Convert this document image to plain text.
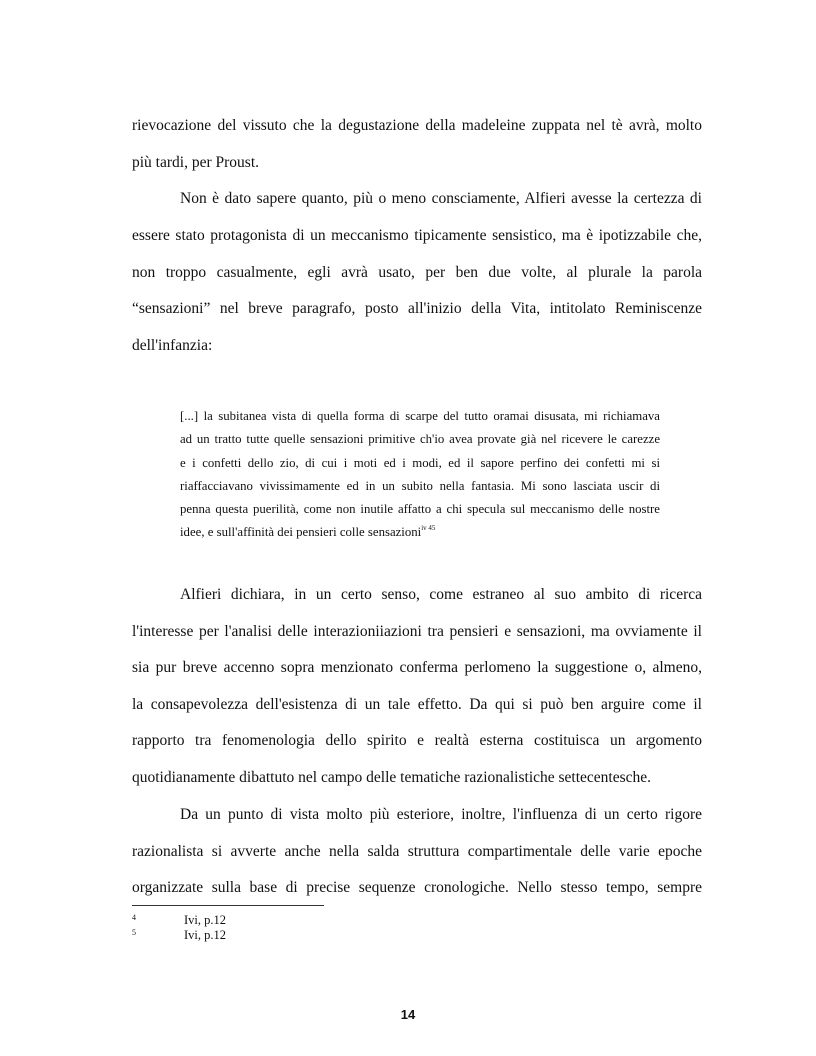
rievocazione del vissuto che la degustazione della madeleine zuppata nel tè avrà, molto
più tardi, per Proust.
Non è dato sapere quanto, più o meno consciamente, Alfieri avesse la certezza di
essere stato protagonista di un meccanismo tipicamente sensistico, ma è ipotizzabile che,
non troppo casualmente, egli avrà usato, per ben due volte, al plurale la parola
“sensazioni” nel breve paragrafo, posto all'inizio della Vita, intitolato Reminiscenze
dell'infanzia:
[...] la subitanea vista di quella forma di scarpe del tutto oramai disusata, mi richiamava
ad un tratto tutte quelle sensazioni primitive ch'io avea provate già nel ricevere le carezze
e i confetti dello zio, di cui i moti ed i modi, ed il sapore perfino dei confetti mi si
riaffacciavano vivissimamente ed in un subito nella fantasia. Mi sono lasciata uscir di
penna questa puerilità, come non inutile affatto a chi specula sul meccanismo delle nostre
idee, e sull'affinità dei pensieri colle sensazioni$^{iv 45}$
Alfieri dichiara, in un certo senso, come estraneo al suo ambito di ricerca
l'interesse per l'analisi delle interazioniiazioni tra pensieri e sensazioni, ma ovviamente il
sia pur breve accenno sopra menzionato conferma perlomeno la suggestione o, almeno,
la consapevolezza dell'esistenza di un tale effetto. Da qui si può ben arguire come il
rapporto tra fenomenologia dello spirito e realtà esterna costituisca un argomento
quotidianamente dibattuto nel campo delle tematiche razionalistiche settecentesche.
Da un punto di vista molto più esteriore, inoltre, l'influenza di un certo rigore
razionalista si avverte anche nella salda struttura compartimentale delle varie epoche
organizzate sulla base di precise sequenze cronologiche. Nello stesso tempo, sempre
4	Ivi, p.12
5	Ivi, p.12
14
